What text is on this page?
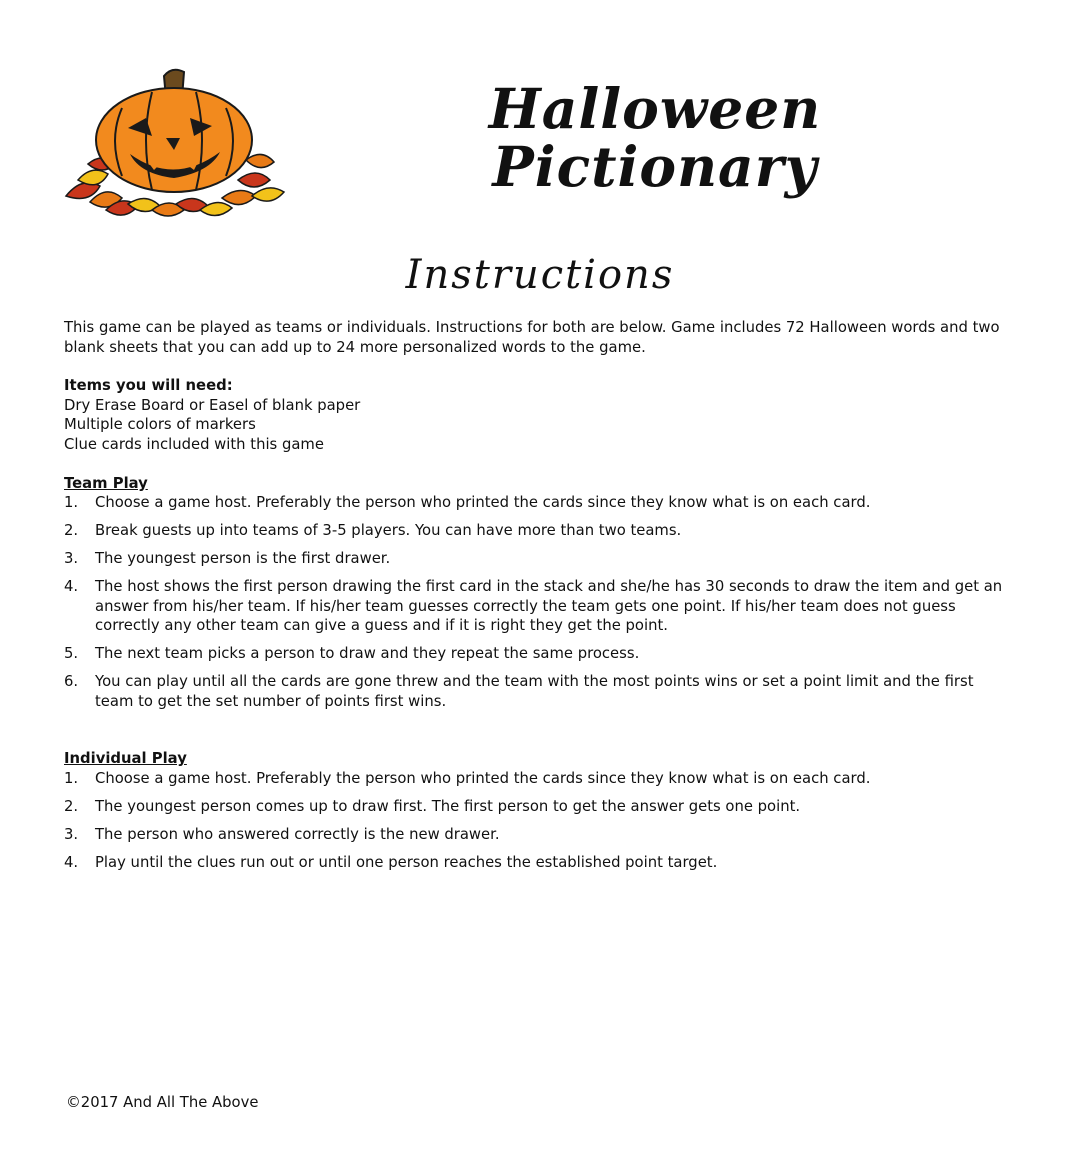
Halloween
Pictionary
Instructions

This game can be played as teams or individuals. Instructions for both are below. Game includes 72 Halloween words and two blank sheets that you can add up to 24 more personalized words to the game.

Items you will need:

Dry Erase Board or Easel of blank paper

Multiple colors of markers

Clue cards included with this game

Team Play

1.	Choose a game host. Preferably the person who printed the cards since they know what is on each card.
2.	Break guests up into teams of 3-5 players. You can have more than two teams.
3.	The youngest person is the first drawer.
4.	The host shows the first person drawing the first card in the stack and she/he has 30 seconds to draw the item and get an answer from his/her team. If his/her team guesses correctly the team gets one point. If his/her team does not guess correctly any other team can give a guess and if it is right they get the point.
5.	The next team picks a person to draw and they repeat the same process.
6.	You can play until all the cards are gone threw and the team with the most points wins or set a point limit and the first team to get the set number of points first wins.

Individual Play

1.	Choose a game host. Preferably the person who printed the cards since they know what is on each card.
2.	The youngest person comes up to draw first. The first person to get the answer gets one point.
3.	The person who answered correctly is the new drawer.
4.	Play until the clues run out or until one person reaches the established point target.

©2017 And All The Above
